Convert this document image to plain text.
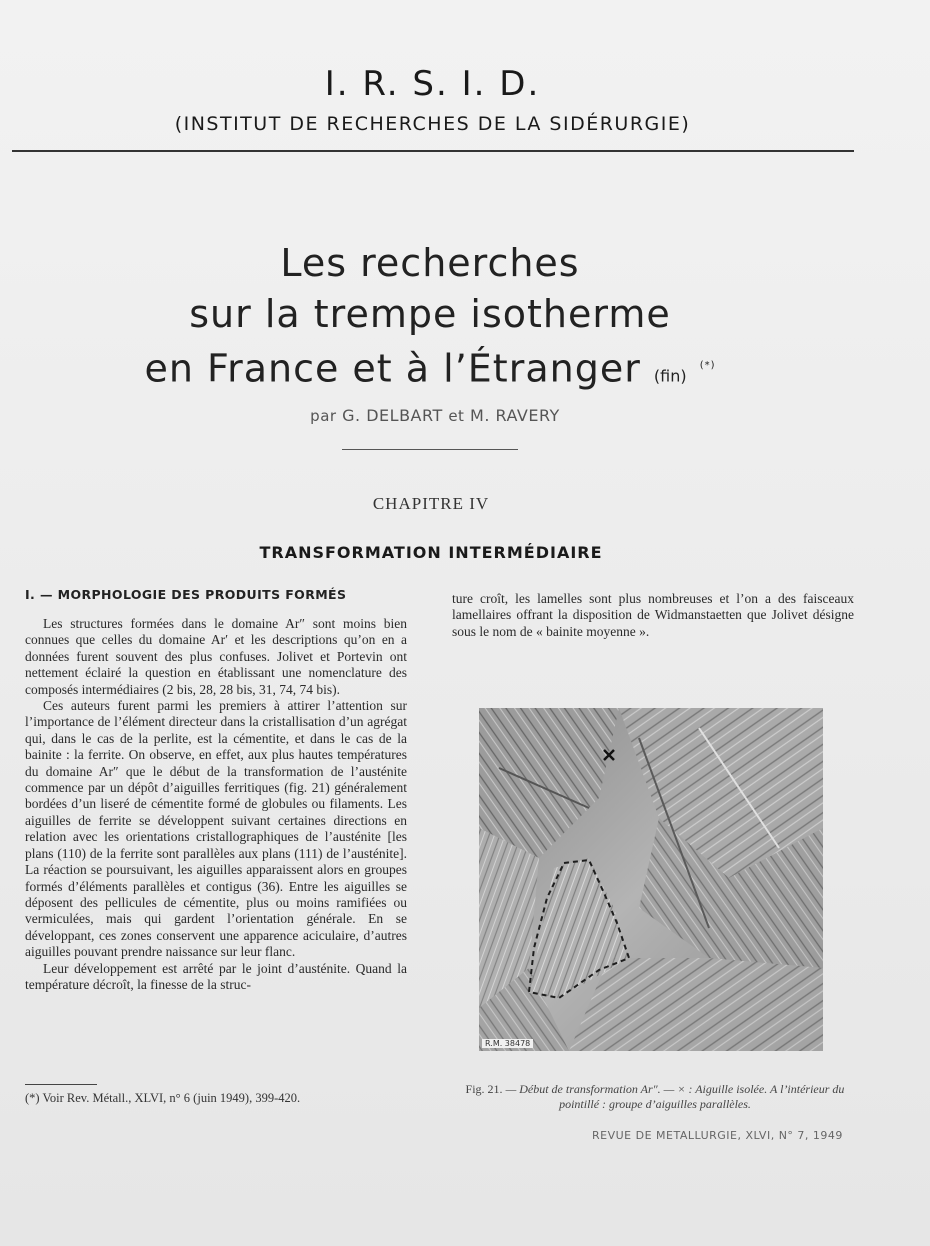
I. R. S. I. D.
(INSTITUT DE RECHERCHES DE LA SIDÉRURGIE)
Les recherches
sur la trempe isotherme
en France et à l’Étranger (fin) (*)
par G. DELBART et M. RAVERY
CHAPITRE IV
TRANSFORMATION INTERMÉDIAIRE
I. — MORPHOLOGIE DES PRODUITS FORMÉS

Les structures formées dans le domaine Ar″ sont moins bien connues que celles du domaine Ar′ et les descriptions qu’on en a données furent souvent des plus confuses. Jolivet et Portevin ont nettement éclairé la question en établissant une nomenclature des composés intermédiaires (2 bis, 28, 28 bis, 31, 74, 74 bis).

Ces auteurs furent parmi les premiers à attirer l’attention sur l’importance de l’élément directeur dans la cristallisation d’un agrégat qui, dans le cas de la perlite, est la cémentite, et dans le cas de la bainite : la ferrite. On observe, en effet, aux plus hautes températures du domaine Ar″ que le début de la transformation de l’austénite commence par un dépôt d’aiguilles ferritiques (fig. 21) généralement bordées d’un liseré de cémentite formé de globules ou filaments. Les aiguilles de ferrite se développent suivant certaines directions en relation avec les orientations cristallographiques de l’austénite [les plans (110) de la ferrite sont parallèles aux plans (111) de l’austénite]. La réaction se poursuivant, les aiguilles apparaissent alors en groupes formés d’éléments parallèles et contigus (36). Entre les aiguilles se déposent des pellicules de cémentite, plus ou moins ramifiées ou vermiculées, mais qui gardent l’orientation générale. En se développant, ces zones conservent une apparence aciculaire, d’autres aiguilles pouvant prendre naissance sur leur flanc.

Leur développement est arrêté par le joint d’austénite. Quand la température décroît, la finesse de la struc-

ture croît, les lamelles sont plus nombreuses et l’on a des faisceaux lamellaires offrant la disposition de Widmanstaetten que Jolivet désigne sous le nom de « bainite moyenne ».

(*) Voir Rev. Métall., XLVI, n° 6 (juin 1949), 399-420.
R.M. 38478
Fig. 21. — Début de transformation Ar″. — × : Aiguille isolée. A l’intérieur du pointillé : groupe d’aiguilles parallèles.
REVUE DE METALLURGIE, XLVI, N° 7, 1949
